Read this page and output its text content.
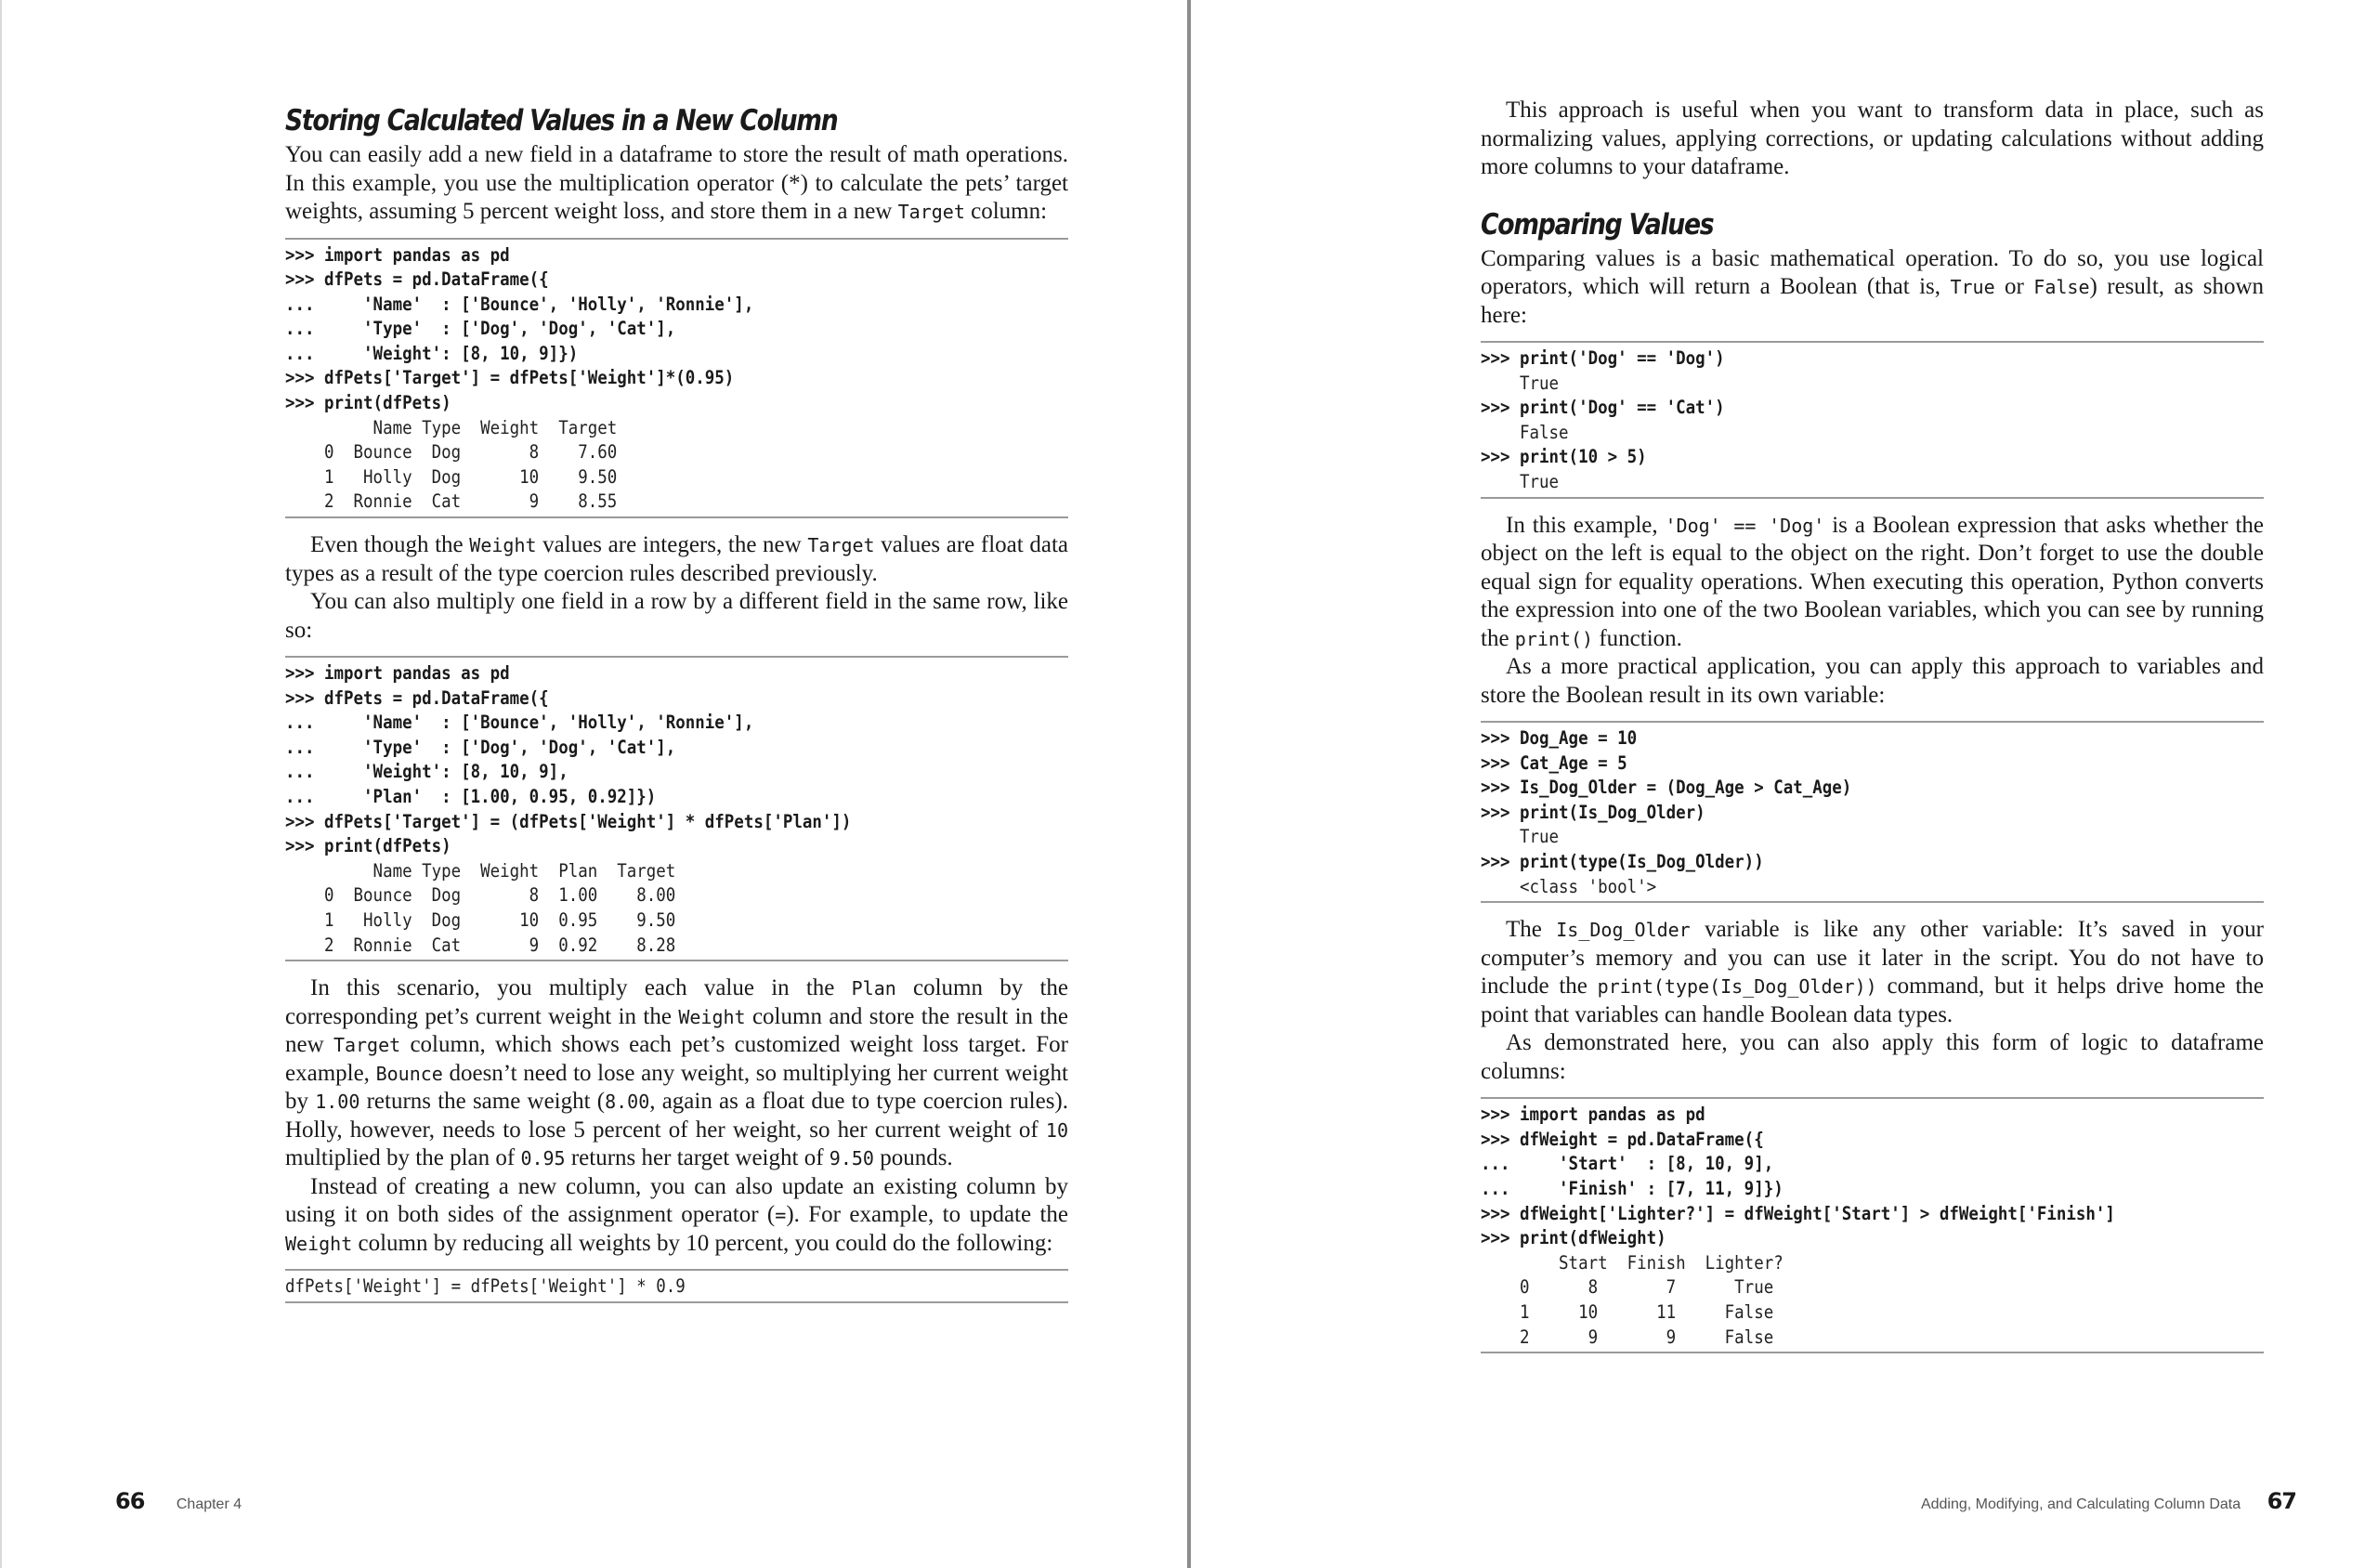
Storing Calculated Values in a New Column

You can easily add a new field in a dataframe to store the result of math operations. In this example, you use the multiplication operator (*) to calculate the pets’ target weights, assuming 5 percent weight loss, and store them in a new Target column:

>>> import pandas as pd
>>> dfPets = pd.DataFrame({
...     'Name'  : ['Bounce', 'Holly', 'Ronnie'],
...     'Type'  : ['Dog', 'Dog', 'Cat'],
...     'Weight': [8, 10, 9]})
>>> dfPets['Target'] = dfPets['Weight']*(0.95)
>>> print(dfPets)
Name Type  Weight  Target
0  Bounce  Dog       8    7.60
1   Holly  Dog      10    9.50
2  Ronnie  Cat       9    8.55

Even though the Weight values are integers, the new Target values are float data types as a result of the type coercion rules described previously.

You can also multiply one field in a row by a different field in the same row, like so:

>>> import pandas as pd
>>> dfPets = pd.DataFrame({
...     'Name'  : ['Bounce', 'Holly', 'Ronnie'],
...     'Type'  : ['Dog', 'Dog', 'Cat'],
...     'Weight': [8, 10, 9],
...     'Plan'  : [1.00, 0.95, 0.92]})
>>> dfPets['Target'] = (dfPets['Weight'] * dfPets['Plan'])
>>> print(dfPets)
Name Type  Weight  Plan  Target
0  Bounce  Dog       8  1.00    8.00
1   Holly  Dog      10  0.95    9.50
2  Ronnie  Cat       9  0.92    8.28

In this scenario, you multiply each value in the Plan column by the corresponding pet’s current weight in the Weight column and store the result in the new Target column, which shows each pet’s customized weight loss target. For example, Bounce doesn’t need to lose any weight, so multiplying her current weight by 1.00 returns the same weight (8.00, again as a float due to type coercion rules). Holly, however, needs to lose 5 percent of her weight, so her current weight of 10 multiplied by the plan of 0.95 returns her target weight of 9.50 pounds.

Instead of creating a new column, you can also update an existing column by using it on both sides of the assignment operator (=). For example, to update the Weight column by reducing all weights by 10 percent, you could do the following:

dfPets['Weight'] = dfPets['Weight'] * 0.9
66 Chapter 4

This approach is useful when you want to transform data in place, such as normalizing values, applying corrections, or updating calculations without adding more columns to your dataframe.

Comparing Values

Comparing values is a basic mathematical operation. To do so, you use logical operators, which will return a Boolean (that is, True or False) result, as shown here:

>>> print('Dog' == 'Dog')
True
>>> print('Dog' == 'Cat')
False
>>> print(10 > 5)
True

In this example, 'Dog' == 'Dog' is a Boolean expression that asks whether the object on the left is equal to the object on the right. Don’t forget to use the double equal sign for equality operations. When executing this operation, Python converts the expression into one of the two Boolean variables, which you can see by running the print() function.

As a more practical application, you can apply this approach to variables and store the Boolean result in its own variable:

>>> Dog_Age = 10
>>> Cat_Age = 5
>>> Is_Dog_Older = (Dog_Age > Cat_Age)
>>> print(Is_Dog_Older)
True
>>> print(type(Is_Dog_Older))
<class 'bool'>

The Is_Dog_Older variable is like any other variable: It’s saved in your computer’s memory and you can use it later in the script. You do not have to include the print(type(Is_Dog_Older)) command, but it helps drive home the point that variables can handle Boolean data types.

As demonstrated here, you can also apply this form of logic to dataframe columns:

>>> import pandas as pd
>>> dfWeight = pd.DataFrame({
...     'Start'  : [8, 10, 9],
...     'Finish' : [7, 11, 9]})
>>> dfWeight['Lighter?'] = dfWeight['Start'] > dfWeight['Finish']
>>> print(dfWeight)
Start  Finish  Lighter?
0      8       7      True
1     10      11     False
2      9       9     False
Adding, Modifying, and Calculating Column Data 67
